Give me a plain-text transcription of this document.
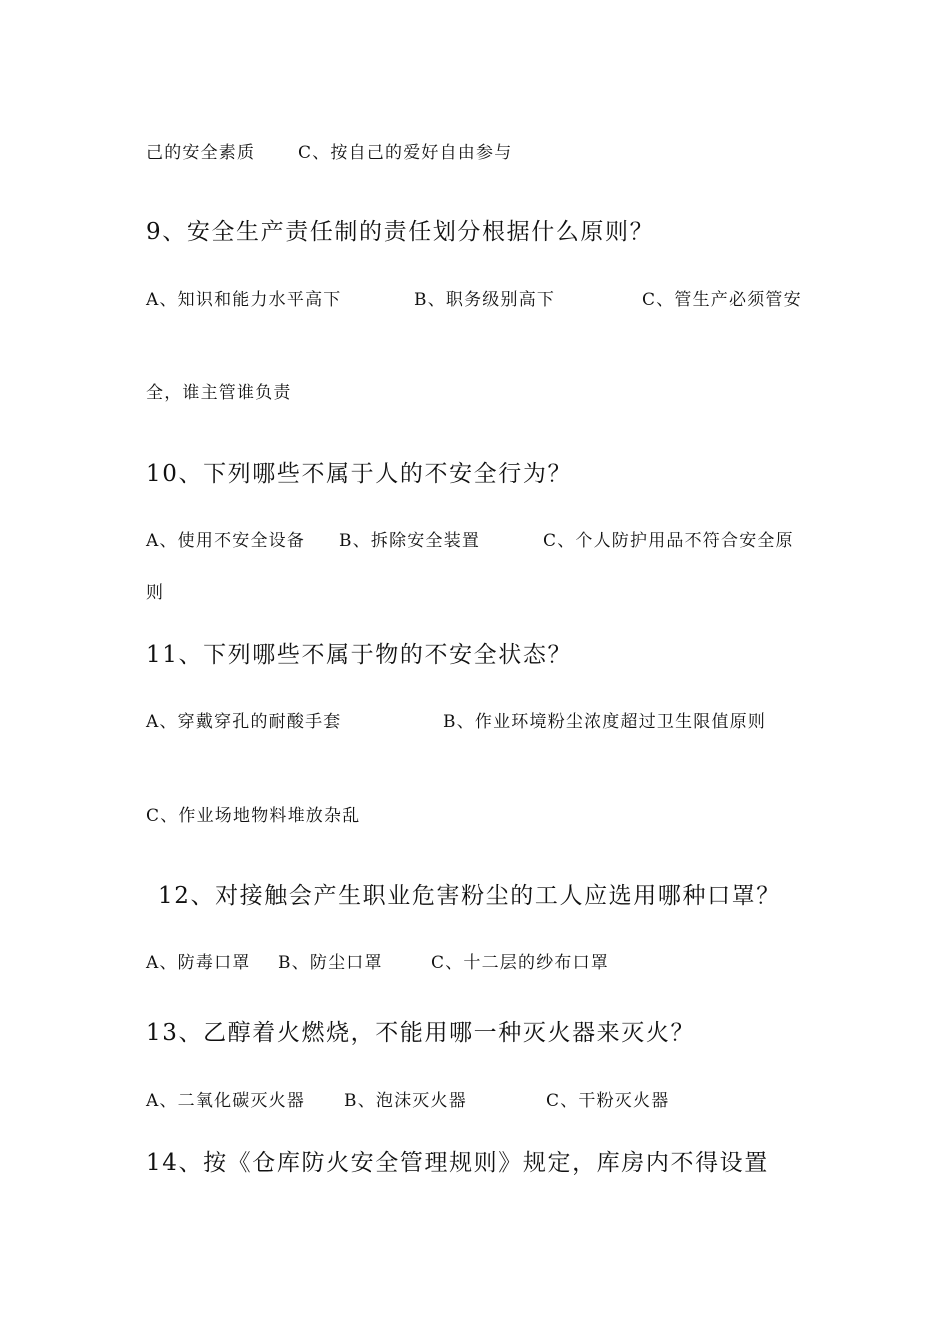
己的安全素质

	C、按自己的爱好自由参与

9、安全生产责任制的责任划分根据什么原则？

A、知识和能力水平高下

	B、职务级别高下

	C、管生产必须管安

全，谁主管谁负责
10、下列哪些不属于人的不安全行为？

A、使用不安全设备

B、拆除安全装置

	C、个人防护用品不符合安全原

则
11、下列哪些不属于物的不安全状态？

A、穿戴穿孔的耐酸手套

	B、作业环境粉尘浓度超过卫生限值原则

C、作业场地物料堆放杂乱
12、对接触会产生职业危害粉尘的工人应选用哪种口罩？

A、防毒口罩

B、防尘口罩

	C、十二层的纱布口罩

13、乙醇着火燃烧，不能用哪一种灭火器来灭火？

A、二氧化碳灭火器

B、泡沫灭火器

	C、干粉灭火器

14、按《仓库防火安全管理规则》规定，库房内不得设置
